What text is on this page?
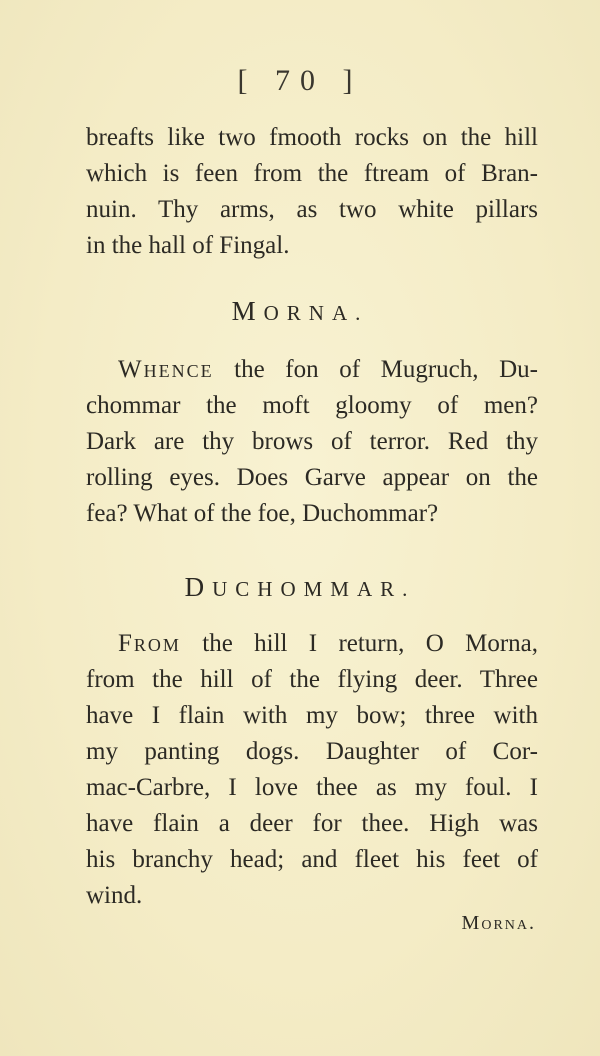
[ 70 ]
breafts like two fmooth rocks on the hill
which is feen from the ftream of Bran-
nuin. Thy arms, as two white pillars
in the hall of Fingal.
MORNA.
Whence the fon of Mugruch, Du-
chommar the moft gloomy of men?
Dark are thy brows of terror. Red thy
rolling eyes. Does Garve appear on the
fea? What of the foe, Duchommar?
DUCHOMMAR.
From the hill I return, O Morna,
from the hill of the flying deer. Three
have I flain with my bow; three with
my panting dogs. Daughter of Cor-
mac-Carbre, I love thee as my foul. I
have flain a deer for thee. High was
his branchy head; and fleet his feet of
wind.
Morna.
